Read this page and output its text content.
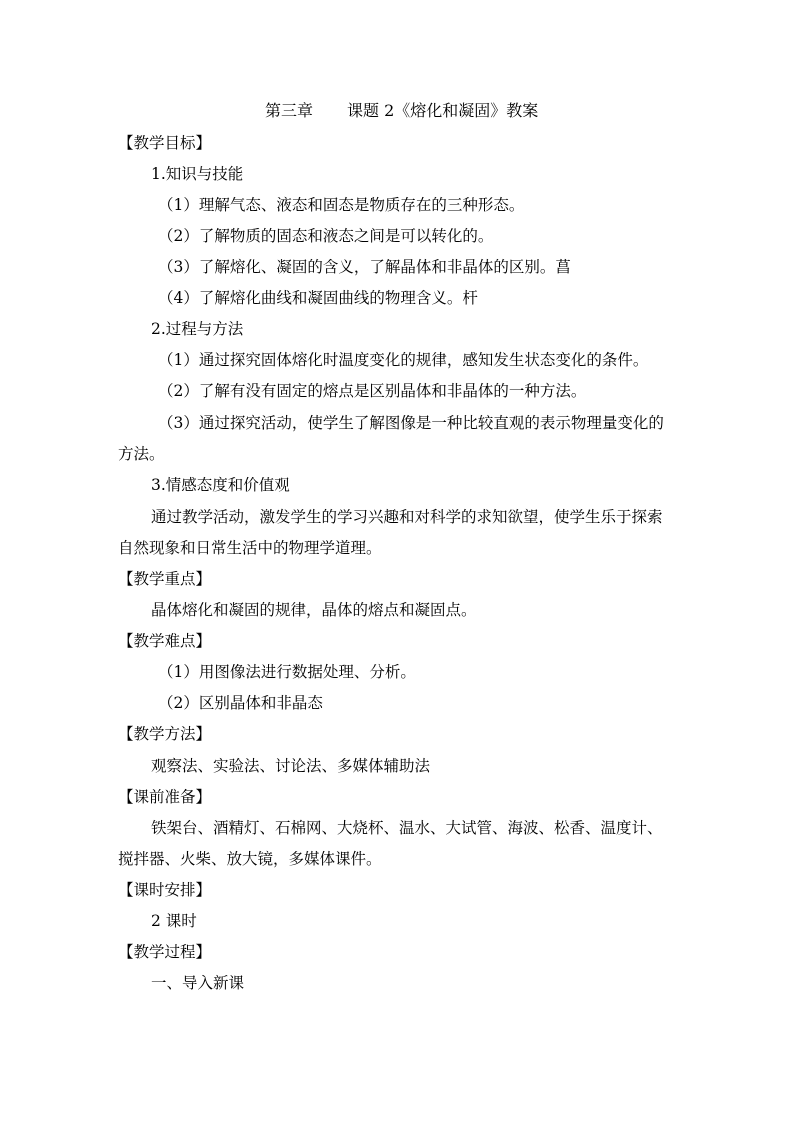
第三章 课题 2《熔化和凝固》教案
【教学目标】
1.知识与技能
（1）理解气态、液态和固态是物质存在的三种形态。
（2）了解物质的固态和液态之间是可以转化的。
（3）了解熔化、凝固的含义，了解晶体和非晶体的区别。菖
（4）了解熔化曲线和凝固曲线的物理含义。杆
2.过程与方法
（1）通过探究固体熔化时温度变化的规律，感知发生状态变化的条件。
（2）了解有没有固定的熔点是区别晶体和非晶体的一种方法。
（3）通过探究活动，使学生了解图像是一种比较直观的表示物理量变化的
方法。
3.情感态度和价值观
通过教学活动，激发学生的学习兴趣和对科学的求知欲望，使学生乐于探索
自然现象和日常生活中的物理学道理。
【教学重点】
晶体熔化和凝固的规律，晶体的熔点和凝固点。
【教学难点】
（1）用图像法进行数据处理、分析。
（2）区别晶体和非晶态
【教学方法】
观察法、实验法、讨论法、多媒体辅助法
【课前准备】
铁架台、酒精灯、石棉网、大烧杯、温水、大试管、海波、松香、温度计、
搅拌器、火柴、放大镜，多媒体课件。
【课时安排】
2 课时
【教学过程】
一、导入新课
